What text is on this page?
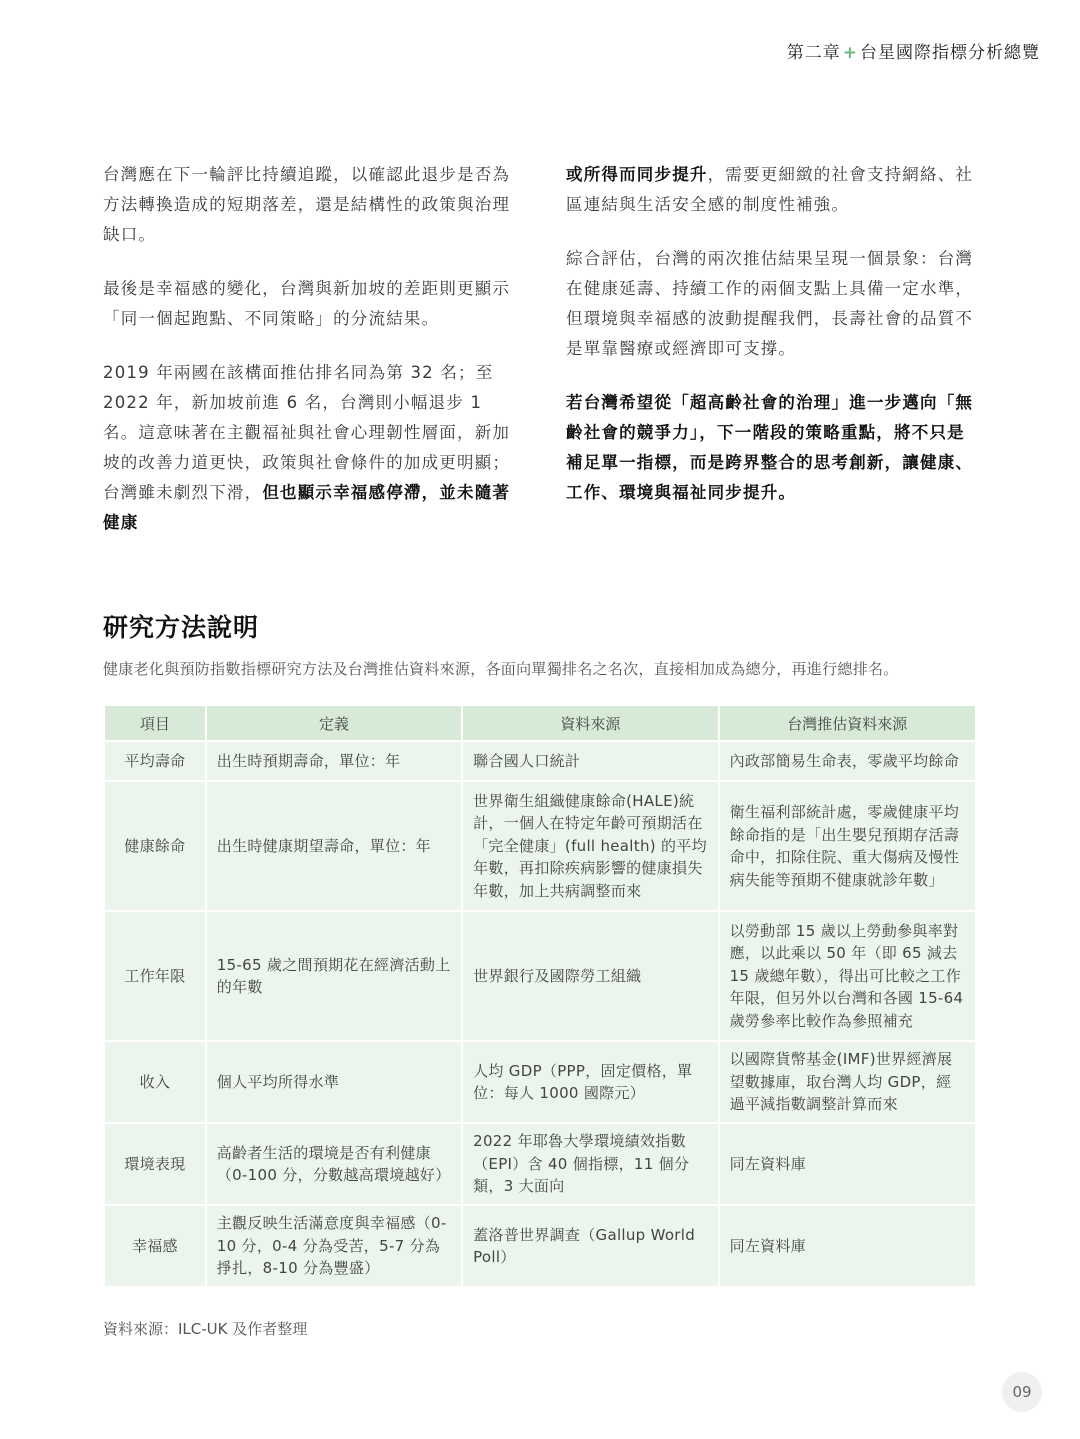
第二章 + 台星國際指標分析總覽

台灣應在下一輪評比持續追蹤，以確認此退步是否為方法轉換造成的短期落差，還是結構性的政策與治理缺口。

最後是幸福感的變化，台灣與新加坡的差距則更顯示「同一個起跑點、不同策略」的分流結果。

2019 年兩國在該構面推估排名同為第 32 名；至 2022 年，新加坡前進 6 名，台灣則小幅退步 1 名。這意味著在主觀福祉與社會心理韌性層面，新加坡的改善力道更快，政策與社會條件的加成更明顯；台灣雖未劇烈下滑，但也顯示幸福感停滯，並未隨著健康

或所得而同步提升，需要更細緻的社會支持網絡、社區連結與生活安全感的制度性補強。

綜合評估，台灣的兩次推估結果呈現一個景象：台灣在健康延壽、持續工作的兩個支點上具備一定水準，但環境與幸福感的波動提醒我們，長壽社會的品質不是單靠醫療或經濟即可支撐。

若台灣希望從「超高齡社會的治理」進一步邁向「無齡社會的競爭力」，下一階段的策略重點，將不只是補足單一指標，而是跨界整合的思考創新，讓健康、工作、環境與福祉同步提升。

研究方法說明
健康老化與預防指數指標研究方法及台灣推估資料來源，各面向單獨排名之名次，直接相加成為總分，再進行總排名。
項目	定義	資料來源	台灣推估資料來源
平均壽命	出生時預期壽命，單位：年	聯合國人口統計	內政部簡易生命表，零歲平均餘命
健康餘命	出生時健康期望壽命，單位：年	世界衛生組織健康餘命(HALE)統計，一個人在特定年齡可預期活在「完全健康」(full health) 的平均年數，再扣除疾病影響的健康損失年數，加上共病調整而來	衛生福利部統計處，零歲健康平均餘命指的是「出生嬰兒預期存活壽命中，扣除住院、重大傷病及慢性病失能等預期不健康就診年數」
工作年限	15-65 歲之間預期花在經濟活動上的年數	世界銀行及國際勞工組織	以勞動部 15 歲以上勞動參與率對應，以此乘以 50 年（即 65 減去 15 歲總年數），得出可比較之工作年限，但另外以台灣和各國 15-64 歲勞參率比較作為參照補充
收入	個人平均所得水準	人均 GDP（PPP，固定價格，單位：每人 1000 國際元）	以國際貨幣基金(IMF)世界經濟展望數據庫，取台灣人均 GDP，經過平減指數調整計算而來
環境表現	高齡者生活的環境是否有利健康（0-100 分，分數越高環境越好）	2022 年耶魯大學環境績效指數（EPI）含 40 個指標，11 個分類，3 大面向	同左資料庫
幸福感	主觀反映生活滿意度與幸福感（0-10 分，0-4 分為受苦，5-7 分為掙扎，8-10 分為豐盛）	蓋洛普世界調查（Gallup World Poll）	同左資料庫
資料來源：ILC-UK 及作者整理
09
